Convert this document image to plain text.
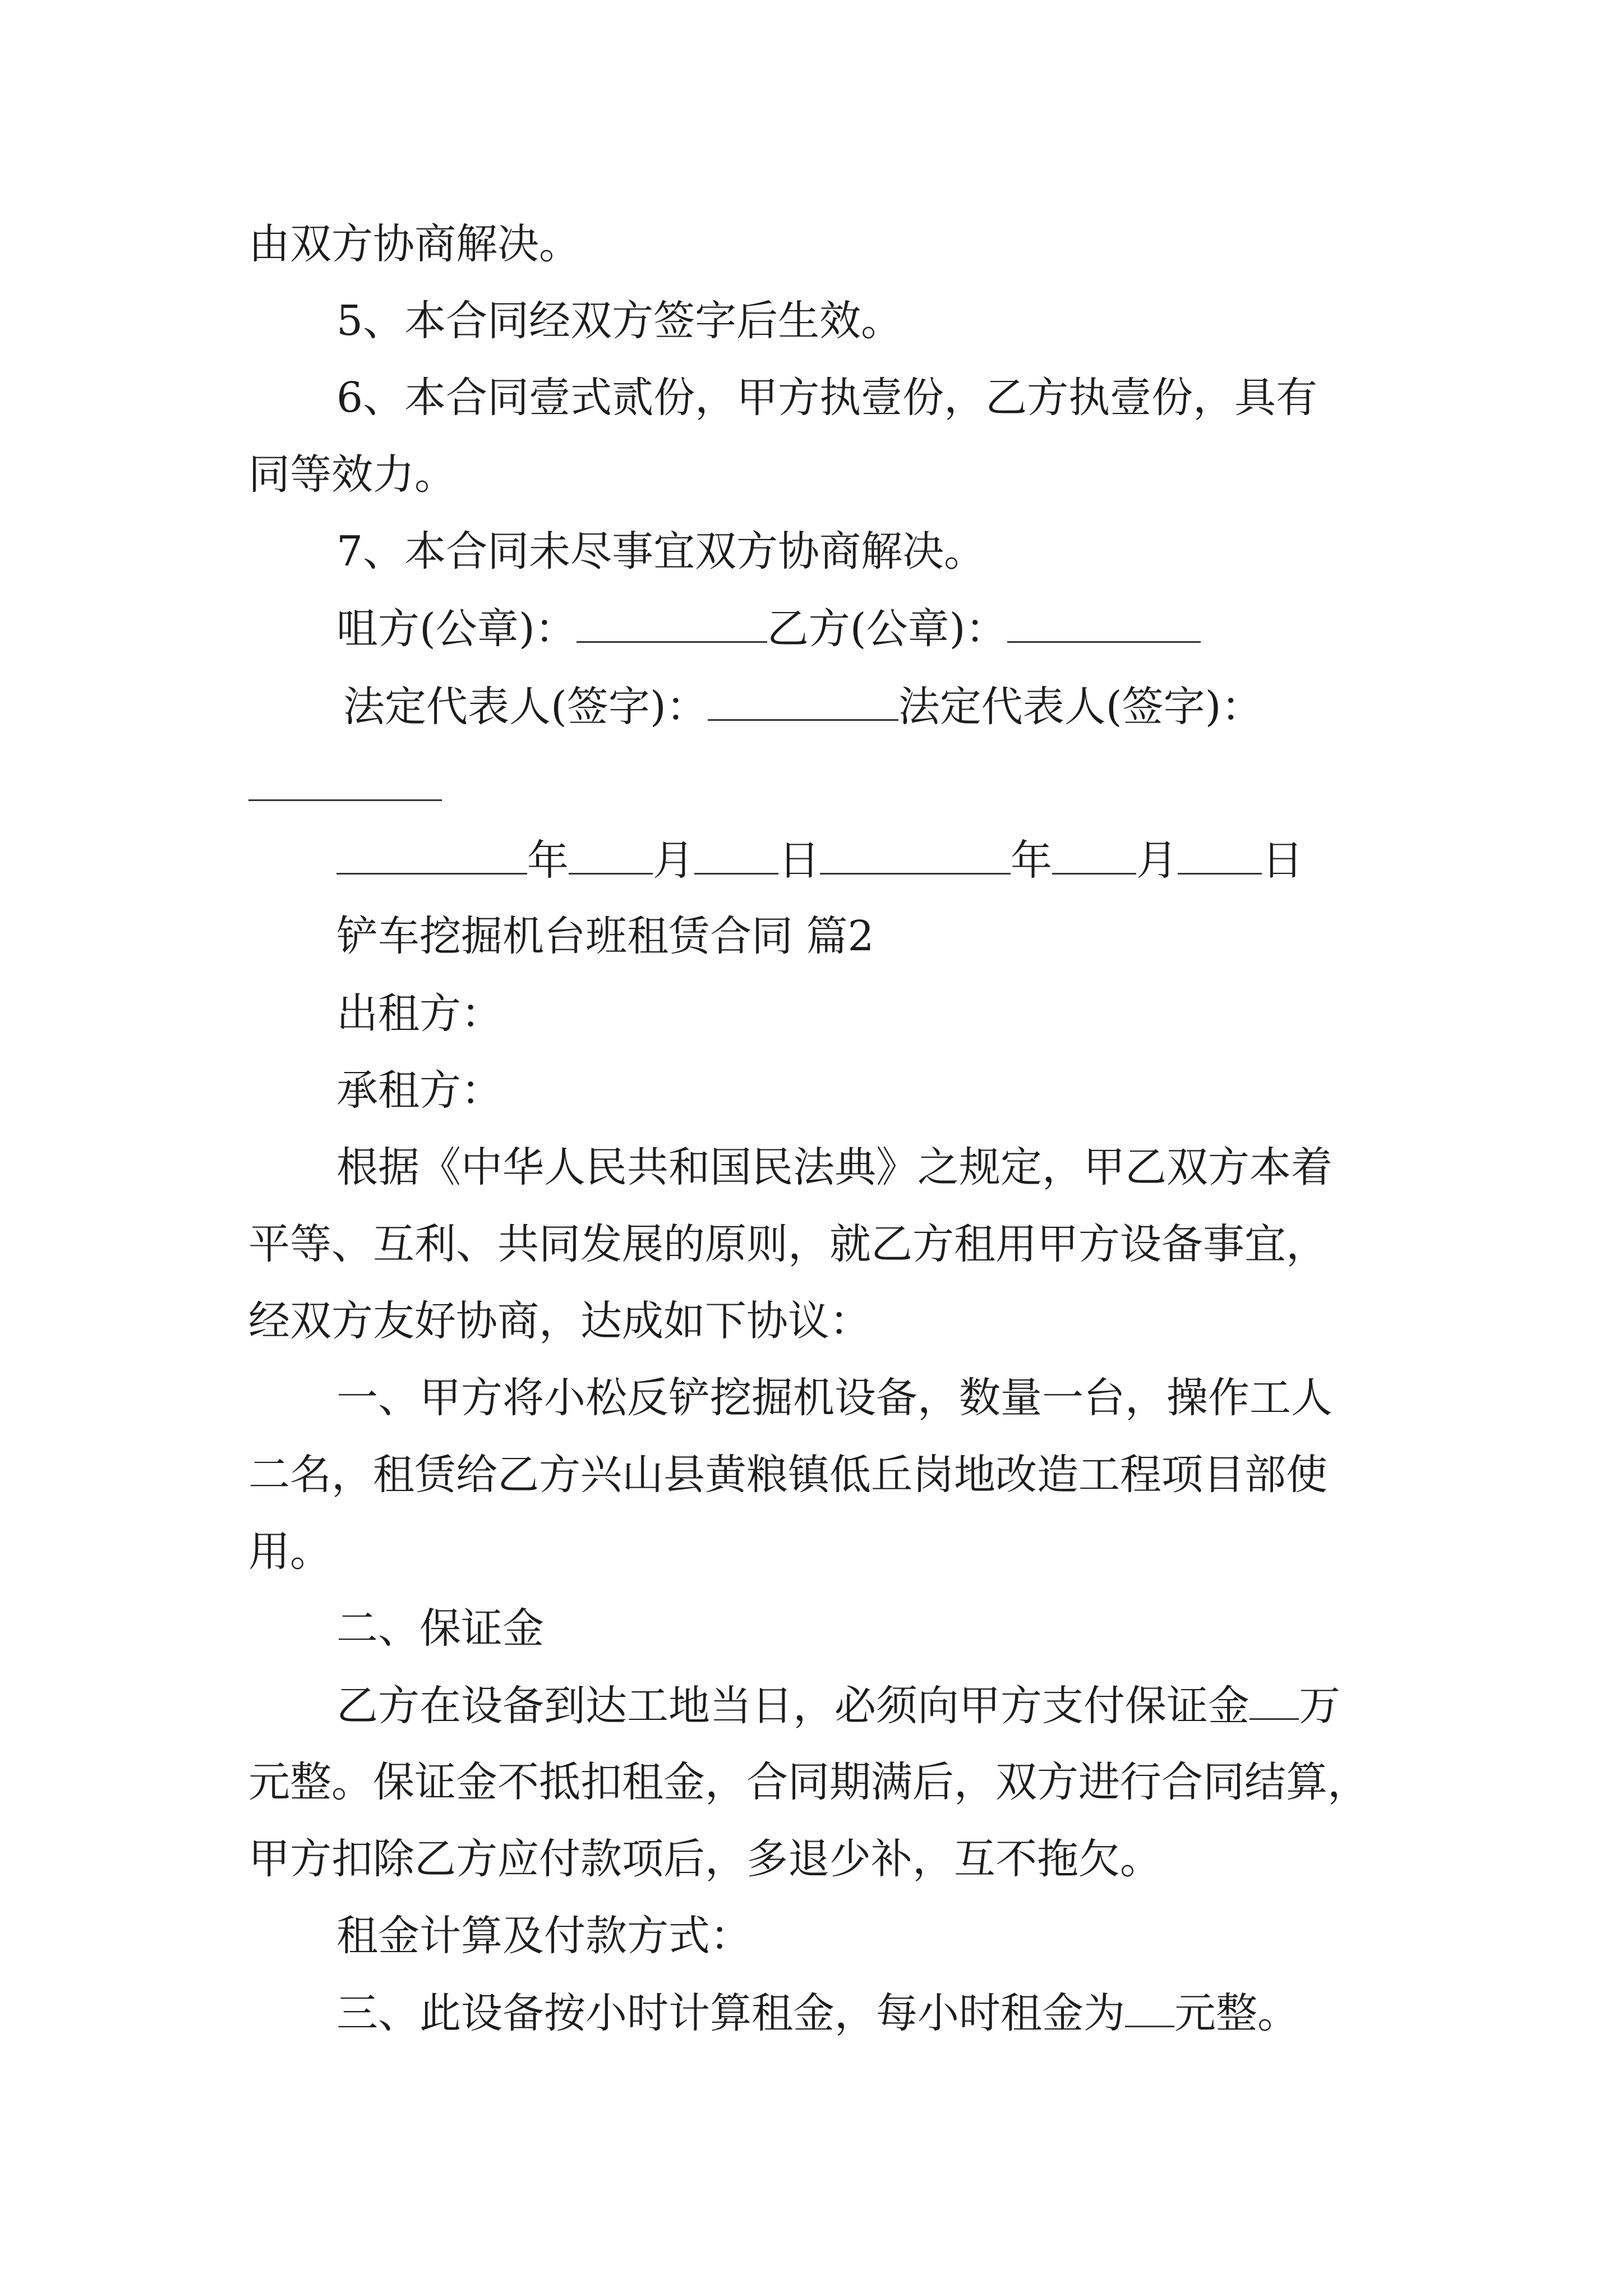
由双方协商解决。
5、本合同经双方签字后生效。
6、本合同壹式贰份，甲方执壹份，乙方执壹份，具有
同等效力。
7、本合同未尽事宜双方协商解决。
咀方(公章)：	乙方(公章)：
法定代表人(签字)：	法定代表人(签字)：
年 月 日	年 月 日
铲车挖掘机台班租赁合同 篇2
出租方：
承租方：
根据《中华人民共和国民法典》之规定，甲乙双方本着
平等、互利、共同发展的原则，就乙方租用甲方设备事宜，
经双方友好协商，达成如下协议：
一、甲方将小松反铲挖掘机设备，数量一台，操作工人
二名，租赁给乙方兴山县黄粮镇低丘岗地改造工程项目部使
用。
二、保证金
乙方在设备到达工地当日，必须向甲方支付保证金 万
元整。保证金不抵扣租金，合同期满后，双方进行合同结算，
甲方扣除乙方应付款项后，多退少补，互不拖欠。
租金计算及付款方式：
三、此设备按小时计算租金，每小时租金为 元整。
